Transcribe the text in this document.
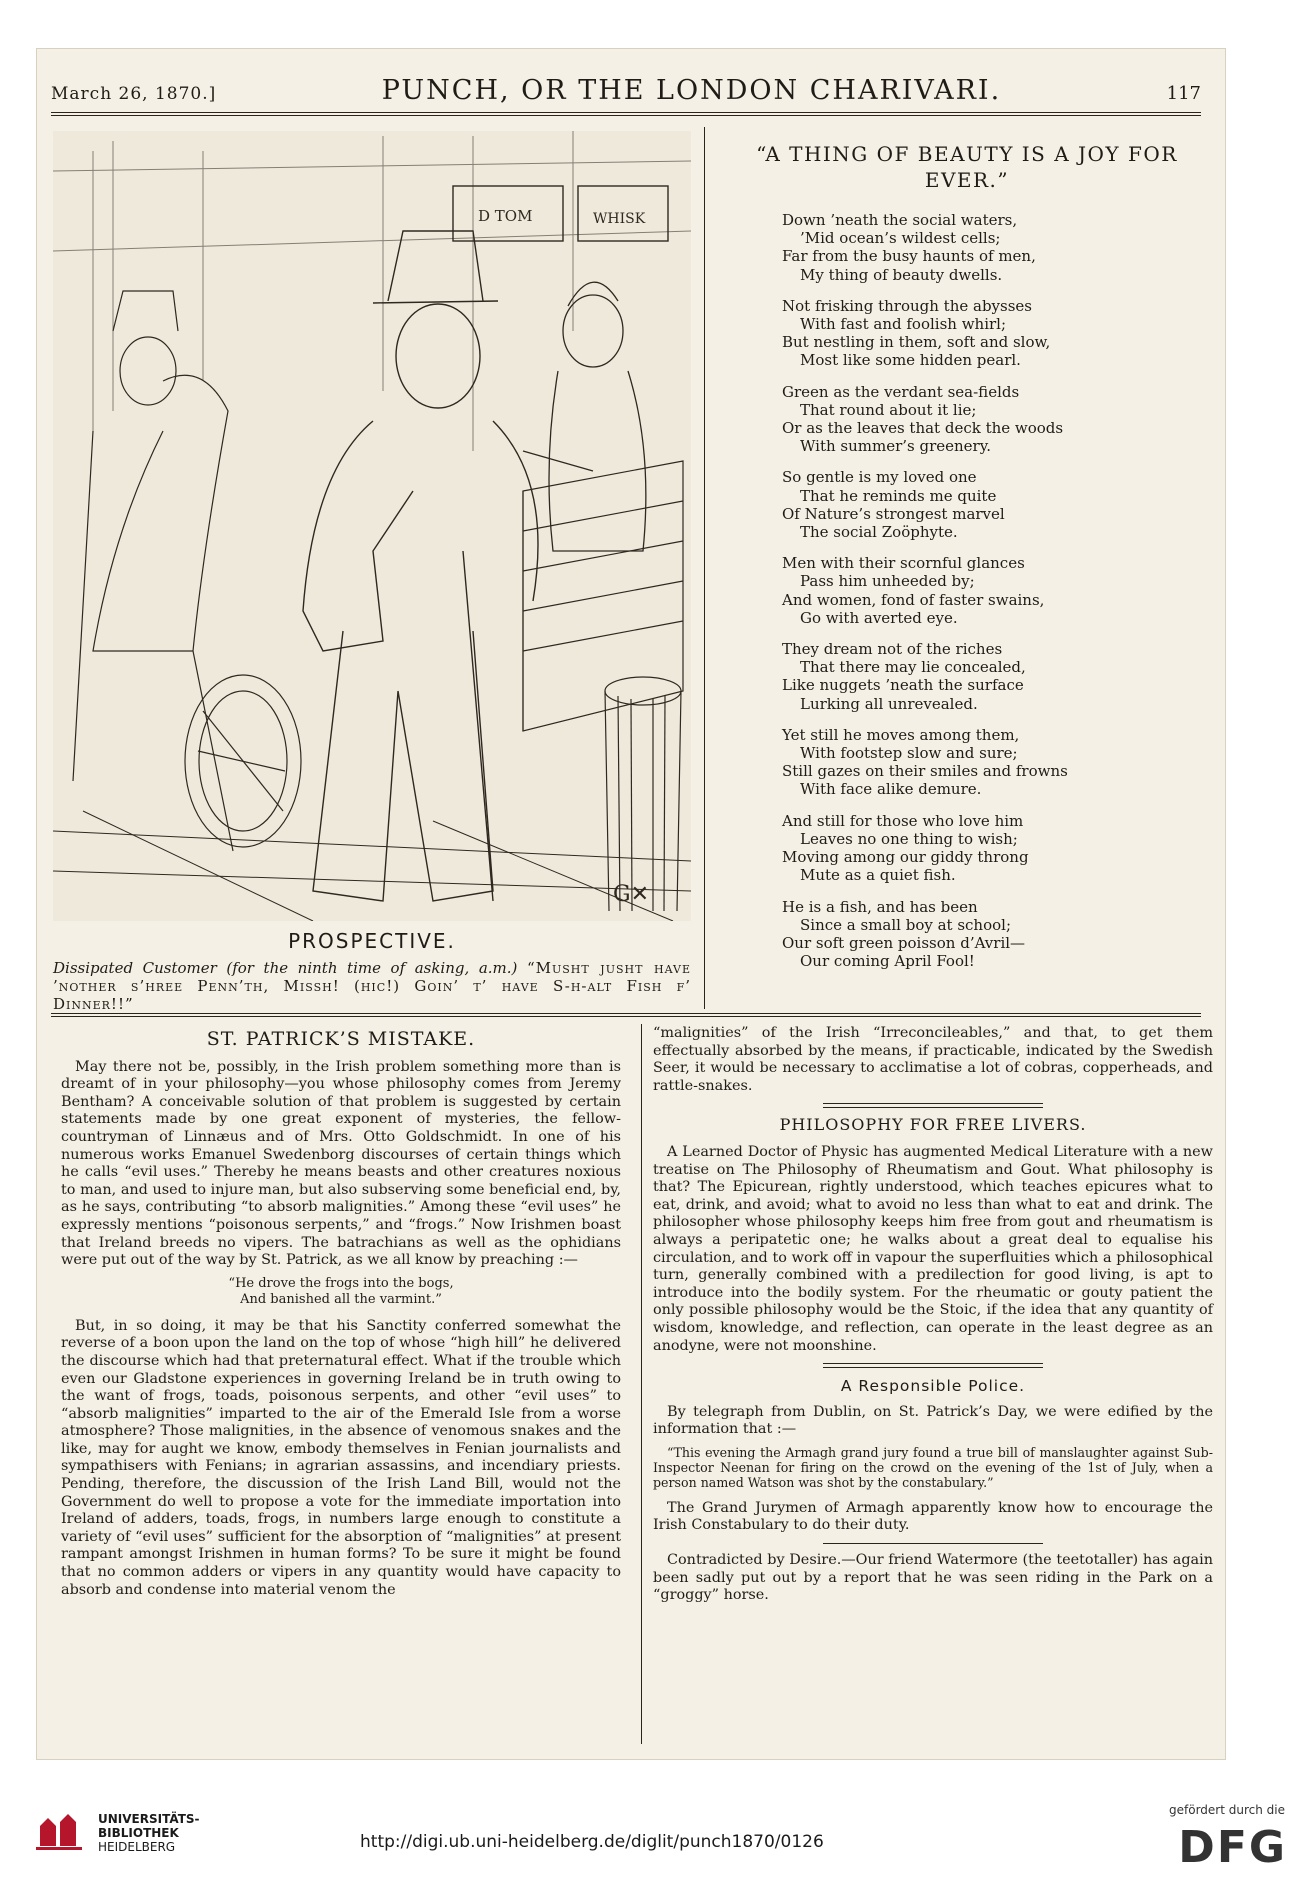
March 26, 1870.]	PUNCH, OR THE LONDON CHARIVARI.	117
D TOM	WHISK
G✕
PROSPECTIVE.
Dissipated Customer (for the ninth time of asking, a.m.) “Musht jusht have ’nother s’hree Penn’th, Missh! (hic!) Goin’ t’ have S-h-alt Fish f’ Dinner!!”
“A THING OF BEAUTY IS A JOY FOR
EVER.”
Down ’neath the social waters,
’Mid ocean’s wildest cells;
Far from the busy haunts of men,
My thing of beauty dwells.
Not frisking through the abysses
With fast and foolish whirl;
But nestling in them, soft and slow,
Most like some hidden pearl.
Green as the verdant sea-fields
That round about it lie;
Or as the leaves that deck the woods
With summer’s greenery.
So gentle is my loved one
That he reminds me quite
Of Nature’s strongest marvel
The social Zoöphyte.
Men with their scornful glances
Pass him unheeded by;
And women, fond of faster swains,
Go with averted eye.
They dream not of the riches
That there may lie concealed,
Like nuggets ’neath the surface
Lurking all unrevealed.
Yet still he moves among them,
With footstep slow and sure;
Still gazes on their smiles and frowns
With face alike demure.
And still for those who love him
Leaves no one thing to wish;
Moving among our giddy throng
Mute as a quiet fish.
He is a fish, and has been
Since a small boy at school;
Our soft green poisson d’Avril—
Our coming April Fool!
ST. PATRICK’S MISTAKE.

May there not be, possibly, in the Irish problem something more than is dreamt of in your philosophy—you whose philosophy comes from Jeremy Bentham? A conceivable solution of that problem is suggested by certain statements made by one great exponent of mysteries, the fellow-countryman of Linnæus and of Mrs. Otto Goldschmidt. In one of his numerous works Emanuel Swedenborg discourses of certain things which he calls “evil uses.” Thereby he means beasts and other creatures noxious to man, and used to injure man, but also subserving some beneficial end, by, as he says, contributing “to absorb malignities.” Among these “evil uses” he expressly mentions “poisonous serpents,” and “frogs.” Now Irishmen boast that Ireland breeds no vipers. The batrachians as well as the ophidians were put out of the way by St. Patrick, as we all know by preaching :—

“He drove the frogs into the bogs,
And banished all the varmint.”

But, in so doing, it may be that his Sanctity conferred somewhat the reverse of a boon upon the land on the top of whose “high hill” he delivered the discourse which had that preternatural effect. What if the trouble which even our Gladstone experiences in governing Ireland be in truth owing to the want of frogs, toads, poisonous serpents, and other “evil uses” to “absorb malignities” imparted to the air of the Emerald Isle from a worse atmosphere? Those malignities, in the absence of venomous snakes and the like, may for aught we know, embody themselves in Fenian journalists and sympathisers with Fenians; in agrarian assassins, and incendiary priests. Pending, therefore, the discussion of the Irish Land Bill, would not the Government do well to propose a vote for the immediate importation into Ireland of adders, toads, frogs, in numbers large enough to constitute a variety of “evil uses” sufficient for the absorption of “malignities” at present rampant amongst Irishmen in human forms? To be sure it might be found that no common adders or vipers in any quantity would have capacity to absorb and condense into material venom the

“malignities” of the Irish “Irreconcileables,” and that, to get them effectually absorbed by the means, if practicable, indicated by the Swedish Seer, it would be necessary to acclimatise a lot of cobras, copperheads, and rattle-snakes.

PHILOSOPHY FOR FREE LIVERS.

A Learned Doctor of Physic has augmented Medical Literature with a new treatise on The Philosophy of Rheumatism and Gout. What philosophy is that? The Epicurean, rightly understood, which teaches epicures what to eat, drink, and avoid; what to avoid no less than what to eat and drink. The philosopher whose philosophy keeps him free from gout and rheumatism is always a peripatetic one; he walks about a great deal to equalise his circulation, and to work off in vapour the superfluities which a philosophical turn, generally combined with a predilection for good living, is apt to introduce into the bodily system. For the rheumatic or gouty patient the only possible philosophy would be the Stoic, if the idea that any quantity of wisdom, knowledge, and reflection, can operate in the least degree as an anodyne, were not moonshine.

A Responsible Police.

By telegraph from Dublin, on St. Patrick’s Day, we were edified by the information that :—

“This evening the Armagh grand jury found a true bill of manslaughter against Sub-Inspector Neenan for firing on the crowd on the evening of the 1st of July, when a person named Watson was shot by the constabulary.”

The Grand Jurymen of Armagh apparently know how to encourage the Irish Constabulary to do their duty.

Contradicted by Desire.—Our friend Watermore (the teetotaller) has again been sadly put out by a report that he was seen riding in the Park on a “groggy” horse.

UNIVERSITÄTS-
BIBLIOTHEK
HEIDELBERG	http://digi.ub.uni-heidelberg.de/diglit/punch1870/0126
gefördert durch die
DFG
